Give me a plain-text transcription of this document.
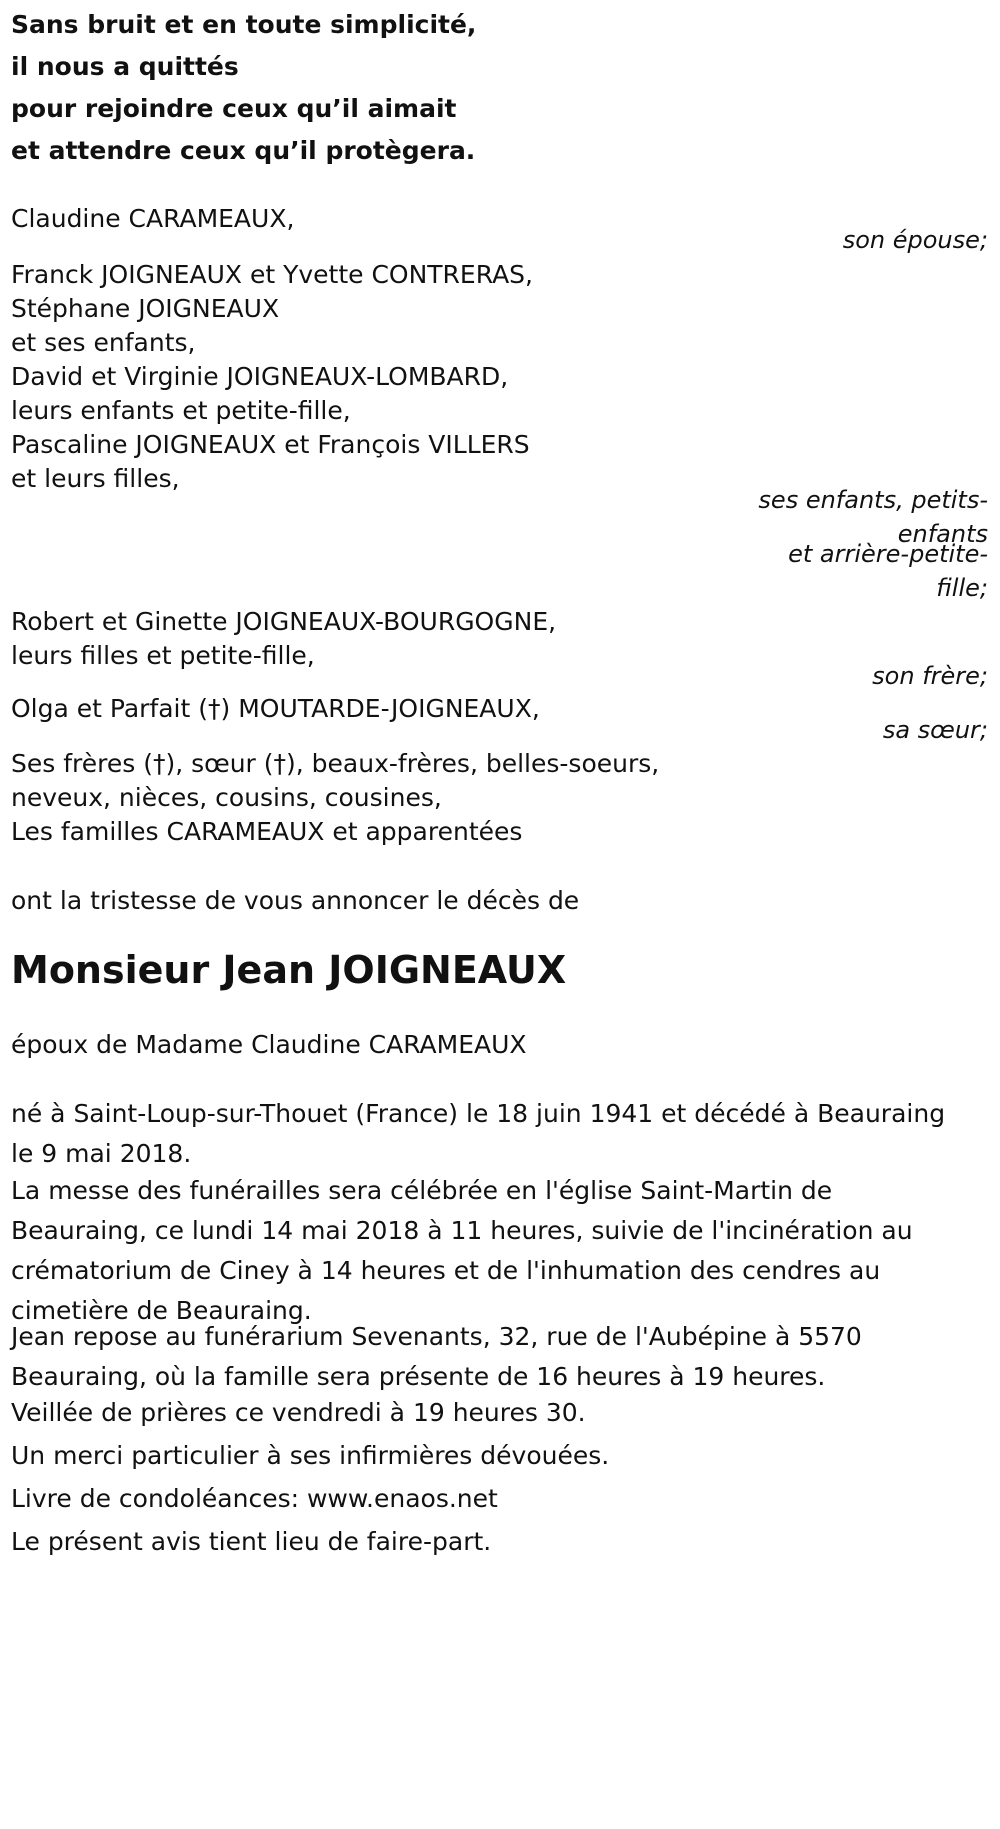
Sans bruit et en toute simplicité,

il nous a quittés

pour rejoindre ceux qu’il aimait

et attendre ceux qu’il protègera.

Claudine CARAMEAUX,

son épouse;

Franck JOIGNEAUX et Yvette CONTRERAS,

Stéphane JOIGNEAUX

et ses enfants,

David et Virginie JOIGNEAUX-LOMBARD,

leurs enfants et petite-fille,

Pascaline JOIGNEAUX et François VILLERS

et leurs filles,

ses enfants, petits-

enfants

et arrière-petite-

fille;

Robert et Ginette JOIGNEAUX-BOURGOGNE,

leurs filles et petite-fille,

son frère;

Olga et Parfait (†) MOUTARDE-JOIGNEAUX,

sa sœur;

Ses frères (†), sœur (†), beaux-frères, belles-soeurs,

neveux, nièces, cousins, cousines,

Les familles CARAMEAUX et apparentées

ont la tristesse de vous annoncer le décès de

Monsieur Jean JOIGNEAUX

époux de Madame Claudine CARAMEAUX

né à Saint-Loup-sur-Thouet (France) le 18 juin 1941 et décédé à Beauraing le 9 mai 2018.

La messe des funérailles sera célébrée en l'église Saint-Martin de Beauraing, ce lundi 14 mai 2018 à 11 heures, suivie de l'incinération au crématorium de Ciney à 14 heures et de l'inhumation des cendres au cimetière de Beauraing.

Jean repose au funérarium Sevenants, 32, rue de l'Aubépine à 5570 Beauraing, où la famille sera présente de 16 heures à 19 heures.

Veillée de prières ce vendredi à 19 heures 30.

Un merci particulier à ses infirmières dévouées.

Livre de condoléances: www.enaos.net

Le présent avis tient lieu de faire-part.
